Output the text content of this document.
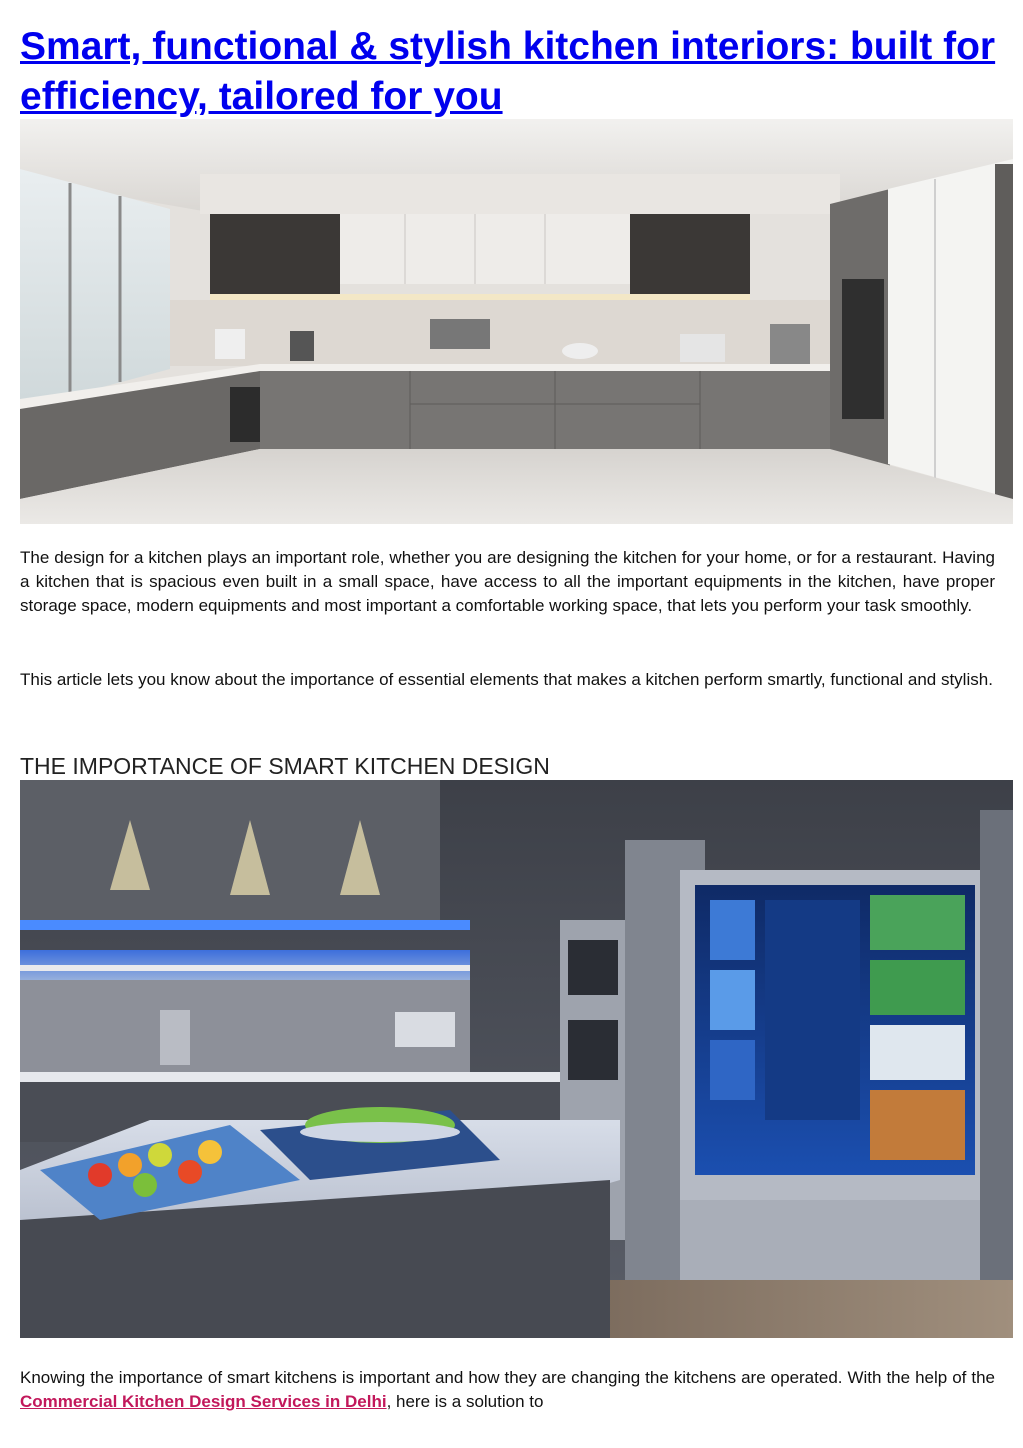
Smart, functional & stylish kitchen interiors: built for efficiency, tailored for you

The design for a kitchen plays an important role, whether you are designing the kitchen for your home, or for a restaurant. Having a kitchen that is spacious even built in a small space, have access to all the important equipments in the kitchen, have proper storage space, modern equipments and most important a comfortable working space, that lets you perform your task smoothly.

This article lets you know about the importance of essential elements that makes a kitchen perform smartly, functional and stylish.

THE IMPORTANCE OF SMART KITCHEN DESIGN

Knowing the importance of smart kitchens is important and how they are changing the kitchens are operated. With the help of the Commercial Kitchen Design Services in Delhi, here is a solution to
